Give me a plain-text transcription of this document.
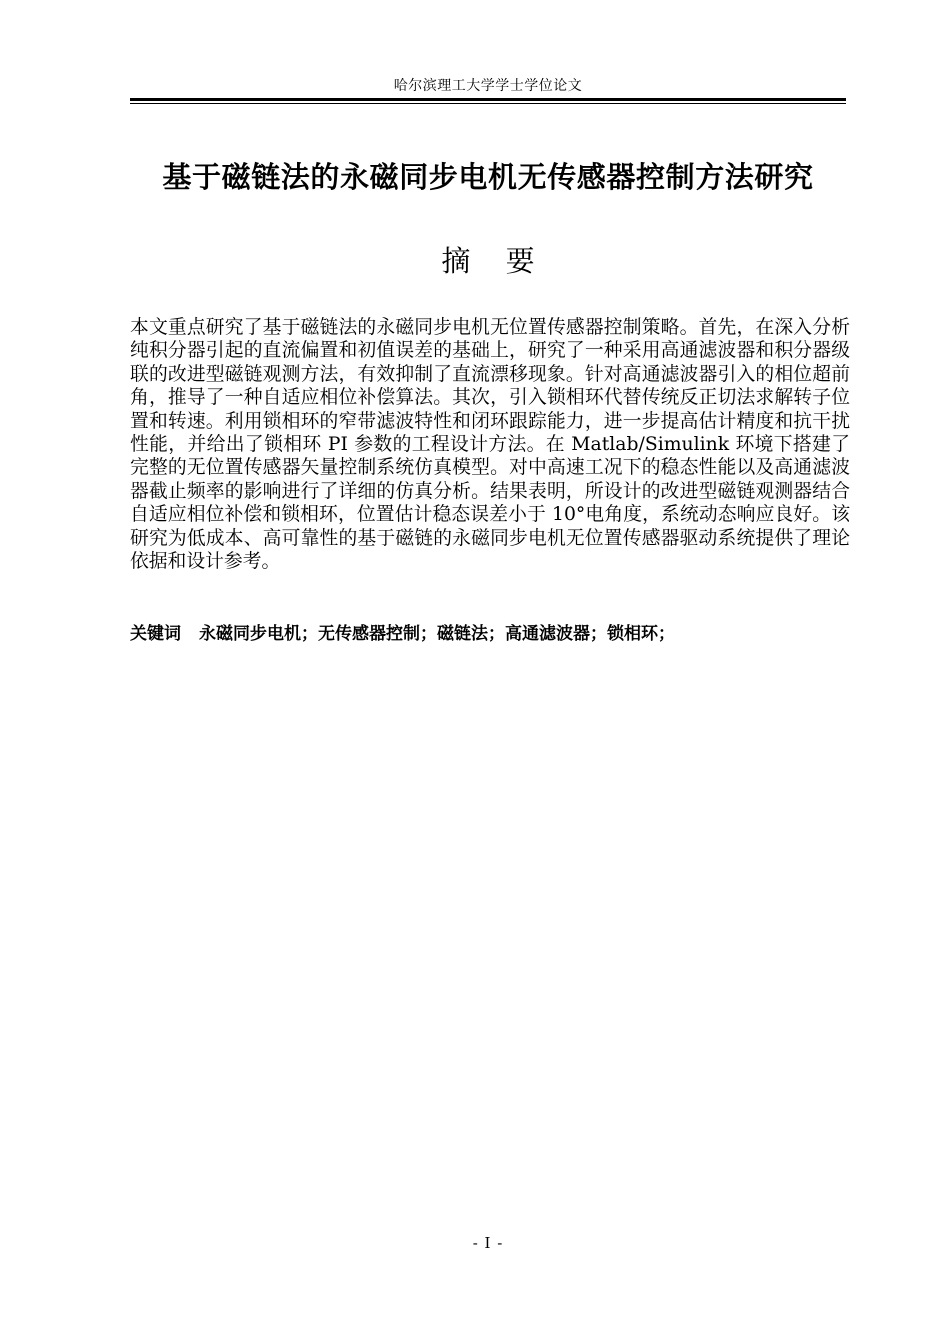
哈尔滨理工大学学士学位论文
基于磁链法的永磁同步电机无传感器控制方法研究
摘 要

本文重点研究了基于磁链法的永磁同步电机无位置传感器控制策略。首先，在深入分析纯积分器引起的直流偏置和初值误差的基础上，研究了一种采用高通滤波器和积分器级联的改进型磁链观测方法，有效抑制了直流漂移现象。针对高通滤波器引入的相位超前角，推导了一种自适应相位补偿算法。其次，引入锁相环代替传统反正切法求解转子位置和转速。利用锁相环的窄带滤波特性和闭环跟踪能力，进一步提高估计精度和抗干扰性能，并给出了锁相环 PI 参数的工程设计方法。在 Matlab/Simulink 环境下搭建了完整的无位置传感器矢量控制系统仿真模型。对中高速工况下的稳态性能以及高通滤波器截止频率的影响进行了详细的仿真分析。结果表明，所设计的改进型磁链观测器结合自适应相位补偿和锁相环，位置估计稳态误差小于 10°电角度，系统动态响应良好。该研究为低成本、高可靠性的基于磁链的永磁同步电机无位置传感器驱动系统提供了理论依据和设计参考。

关键词 永磁同步电机；无传感器控制；磁链法；高通滤波器；锁相环；
- I -
